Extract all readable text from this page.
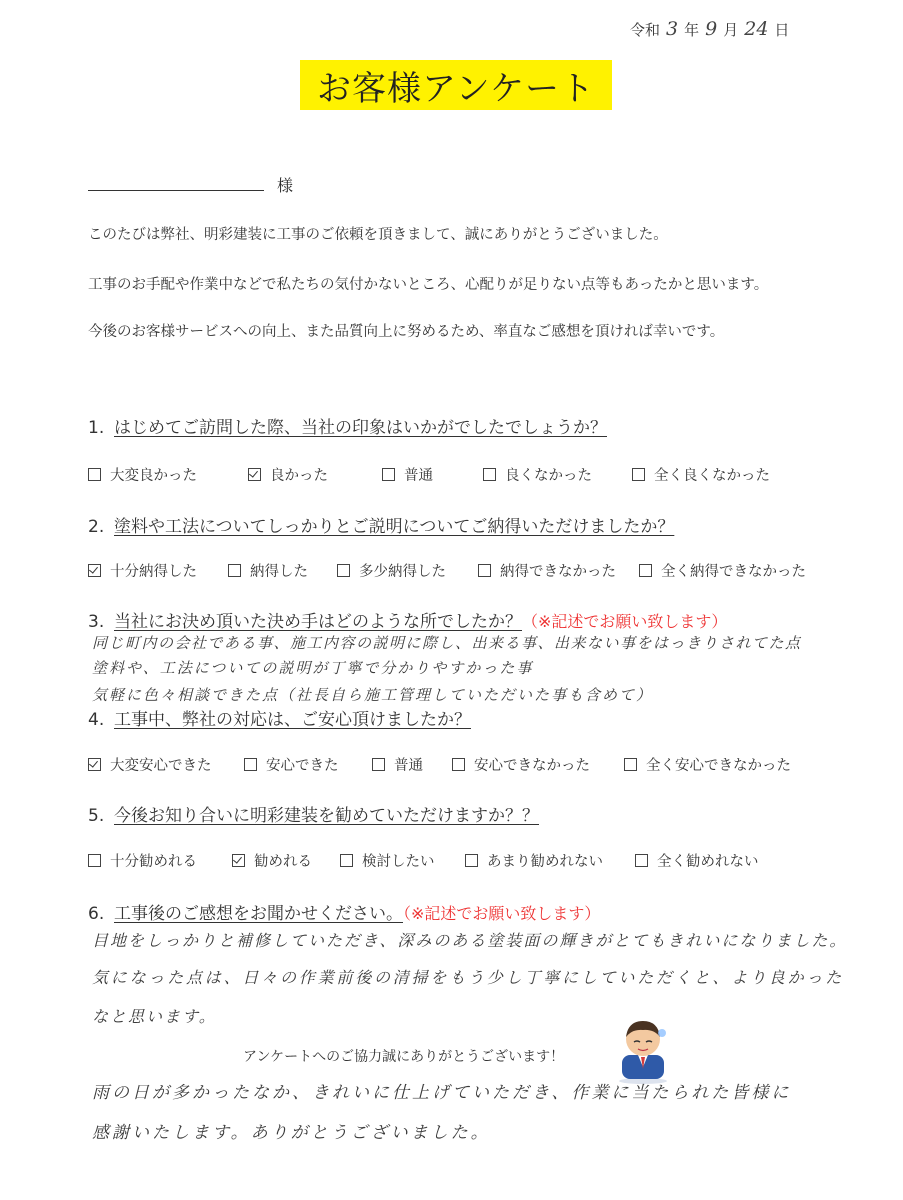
令和 3 年 9 月 24 日
お客様アンケート
様
このたびは弊社、明彩建装に工事のご依頼を頂きまして、誠にありがとうございました。
工事のお手配や作業中などで私たちの気付かないところ、心配りが足りない点等もあったかと思います。
今後のお客様サービスへの向上、また品質向上に努めるため、率直なご感想を頂ければ幸いです。
1. はじめてご訪問した際、当社の印象はいかがでしたでしょうか？
大変良かった	良かった	普通	良くなかった	全く良くなかった
2. 塗料や工法についてしっかりとご説明についてご納得いただけましたか？
十分納得した	納得した	多少納得した	納得できなかった	全く納得できなかった
3. 当社にお決め頂いた決め手はどのような所でしたか？（※記述でお願い致します）
同じ町内の会社である事、施工内容の説明に際し、出来る事、出来ない事をはっきりされてた点
塗料や、工法についての説明が丁寧で分かりやすかった事
気軽に色々相談できた点（社長自ら施工管理していただいた事も含めて）
4. 工事中、弊社の対応は、ご安心頂けましたか？
大変安心できた	安心できた	普通	安心できなかった	全く安心できなかった
5. 今後お知り合いに明彩建装を勧めていただけますか？？
十分勧めれる	勧めれる	検討したい	あまり勧めれない	全く勧めれない
6. 工事後のご感想をお聞かせください。（※記述でお願い致します）
目地をしっかりと補修していただき、深みのある塗装面の輝きがとてもきれいになりました。
気になった点は、日々の作業前後の清掃をもう少し丁寧にしていただくと、より良かった
なと思います。
アンケートへのご協力誠にありがとうございます！
雨の日が多かったなか、きれいに仕上げていただき、作業に当たられた皆様に
感謝いたします。ありがとうございました。
